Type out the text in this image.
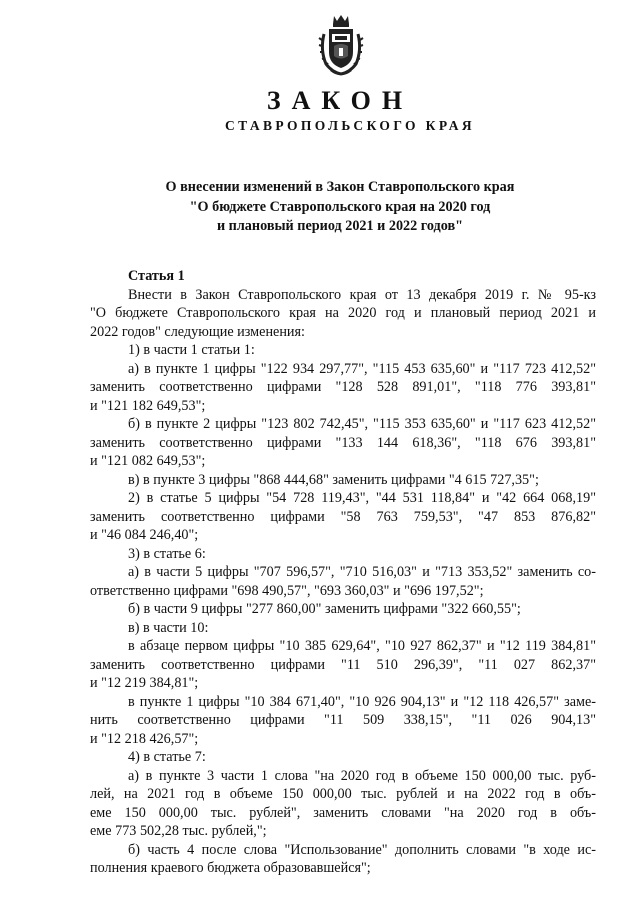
ЗАКОН
СТАВРОПОЛЬСКОГО КРАЯ
О внесении изменений в Закон Ставропольского края
"О бюджете Ставропольского края на 2020 год
и плановый период 2021 и 2022 годов"
Статья 1

Внести в Закон Ставропольского края от 13 декабря 2019 г. № 95-кз

"О бюджете Ставропольского края на 2020 год и плановый период 2021 и

2022 годов" следующие изменения:

1) в части 1 статьи 1:

а) в пункте 1 цифры "122 934 297,77", "115 453 635,60" и "117 723 412,52"

заменить соответственно цифрами "128 528 891,01", "118 776 393,81"

и "121 182 649,53";

б) в пункте 2 цифры "123 802 742,45", "115 353 635,60" и "117 623 412,52"

заменить соответственно цифрами "133 144 618,36", "118 676 393,81"

и "121 082 649,53";

в) в пункте 3 цифры "868 444,68" заменить цифрами "4 615 727,35";

2) в статье 5 цифры "54 728 119,43", "44 531 118,84" и "42 664 068,19"

заменить соответственно цифрами "58 763 759,53", "47 853 876,82"

и "46 084 246,40";

3) в статье 6:

а) в части 5 цифры "707 596,57", "710 516,03" и "713 353,52" заменить со-

ответственно цифрами "698 490,57", "693 360,03" и "696 197,52";

б) в части 9 цифры "277 860,00" заменить цифрами "322 660,55";

в) в части 10:

в абзаце первом цифры "10 385 629,64", "10 927 862,37" и "12 119 384,81"

заменить соответственно цифрами "11 510 296,39", "11 027 862,37"

и "12 219 384,81";

в пункте 1 цифры "10 384 671,40", "10 926 904,13" и "12 118 426,57" заме-

нить соответственно цифрами "11 509 338,15", "11 026 904,13"

и "12 218 426,57";

4) в статье 7:

а) в пункте 3 части 1 слова "на 2020 год в объеме 150 000,00 тыс. руб-

лей, на 2021 год в объеме 150 000,00 тыс. рублей и на 2022 год в объ-

еме 150 000,00 тыс. рублей", заменить словами "на 2020 год в объ-

еме 773 502,28 тыс. рублей,";

б) часть 4 после слова "Использование" дополнить словами "в ходе ис-

полнения краевого бюджета образовавшейся";
